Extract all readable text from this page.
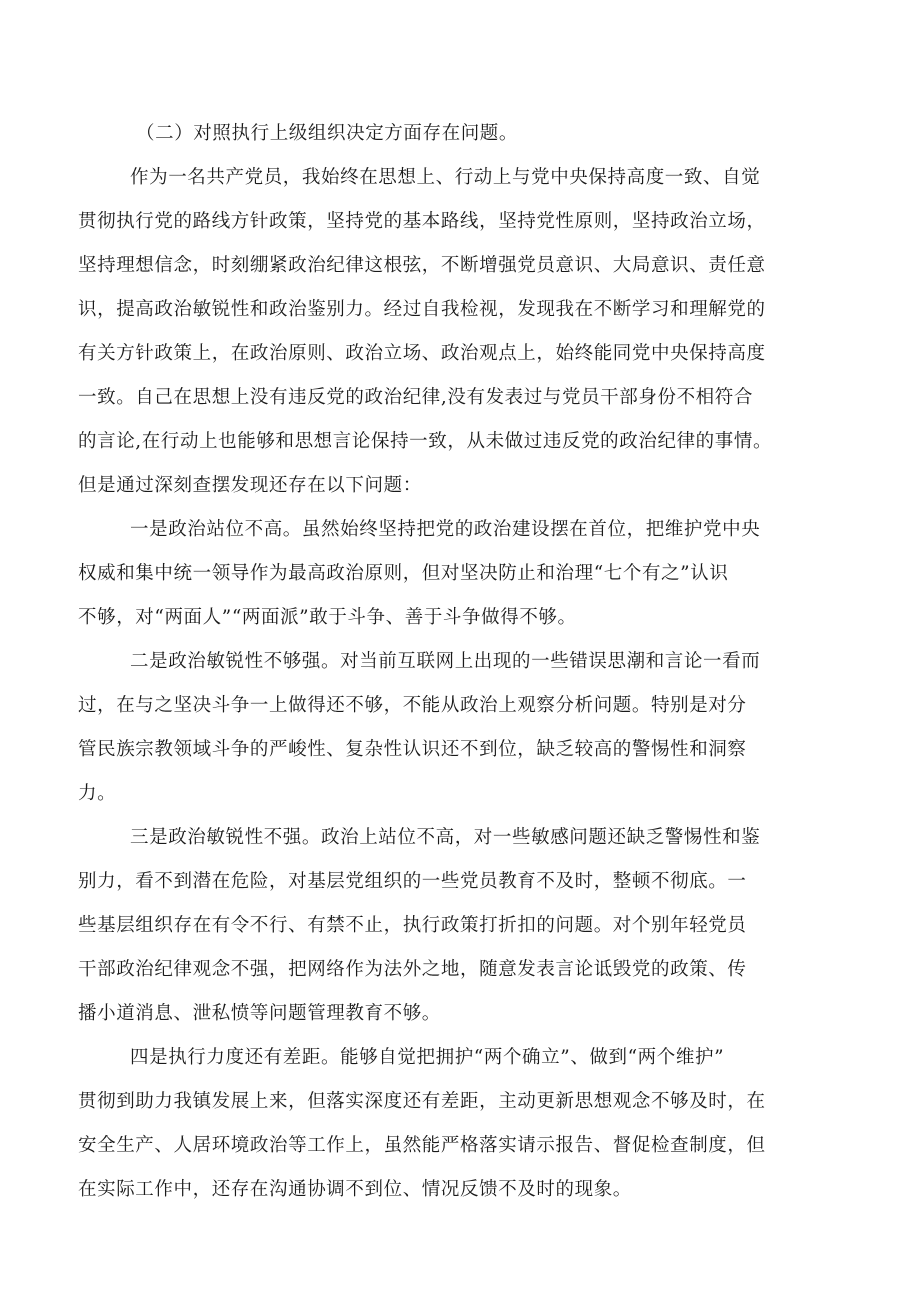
（二）对照执行上级组织决定方面存在问题。

作为一名共产党员，我始终在思想上、行动上与党中央保持高度一致、自觉
贯彻执行党的路线方针政策，坚持党的基本路线，坚持党性原则，坚持政治立场，
坚持理想信念，时刻绷紧政治纪律这根弦，不断增强党员意识、大局意识、责任意
识，提高政治敏锐性和政治鉴别力。经过自我检视，发现我在不断学习和理解党的
有关方针政策上，在政治原则、政治立场、政治观点上，始终能同党中央保持高度
一致。自己在思想上没有违反党的政治纪律,没有发表过与党员干部身份不相符合
的言论,在行动上也能够和思想言论保持一致，从未做过违反党的政治纪律的事情。
但是通过深刻查摆发现还存在以下问题：

一是政治站位不高。虽然始终坚持把党的政治建设摆在首位，把维护党中央
权威和集中统一领导作为最高政治原则，但对坚决防止和治理“七个有之”认识
不够，对“两面人”“两面派”敢于斗争、善于斗争做得不够。

二是政治敏锐性不够强。对当前互联网上出现的一些错误思潮和言论一看而
过，在与之坚决斗争一上做得还不够，不能从政治上观察分析问题。特别是对分
管民族宗教领域斗争的严峻性、复杂性认识还不到位，缺乏较高的警惕性和洞察
力。

三是政治敏锐性不强。政治上站位不高，对一些敏感问题还缺乏警惕性和鉴
别力，看不到潜在危险，对基层党组织的一些党员教育不及时，整顿不彻底。一
些基层组织存在有令不行、有禁不止，执行政策打折扣的问题。对个别年轻党员
干部政治纪律观念不强，把网络作为法外之地，随意发表言论诋毁党的政策、传
播小道消息、泄私愤等问题管理教育不够。

四是执行力度还有差距。能够自觉把拥护“两个确立”、做到“两个维护”
贯彻到助力我镇发展上来，但落实深度还有差距，主动更新思想观念不够及时，在
安全生产、人居环境政治等工作上，虽然能严格落实请示报告、督促检查制度，但
在实际工作中，还存在沟通协调不到位、情况反馈不及时的现象。
